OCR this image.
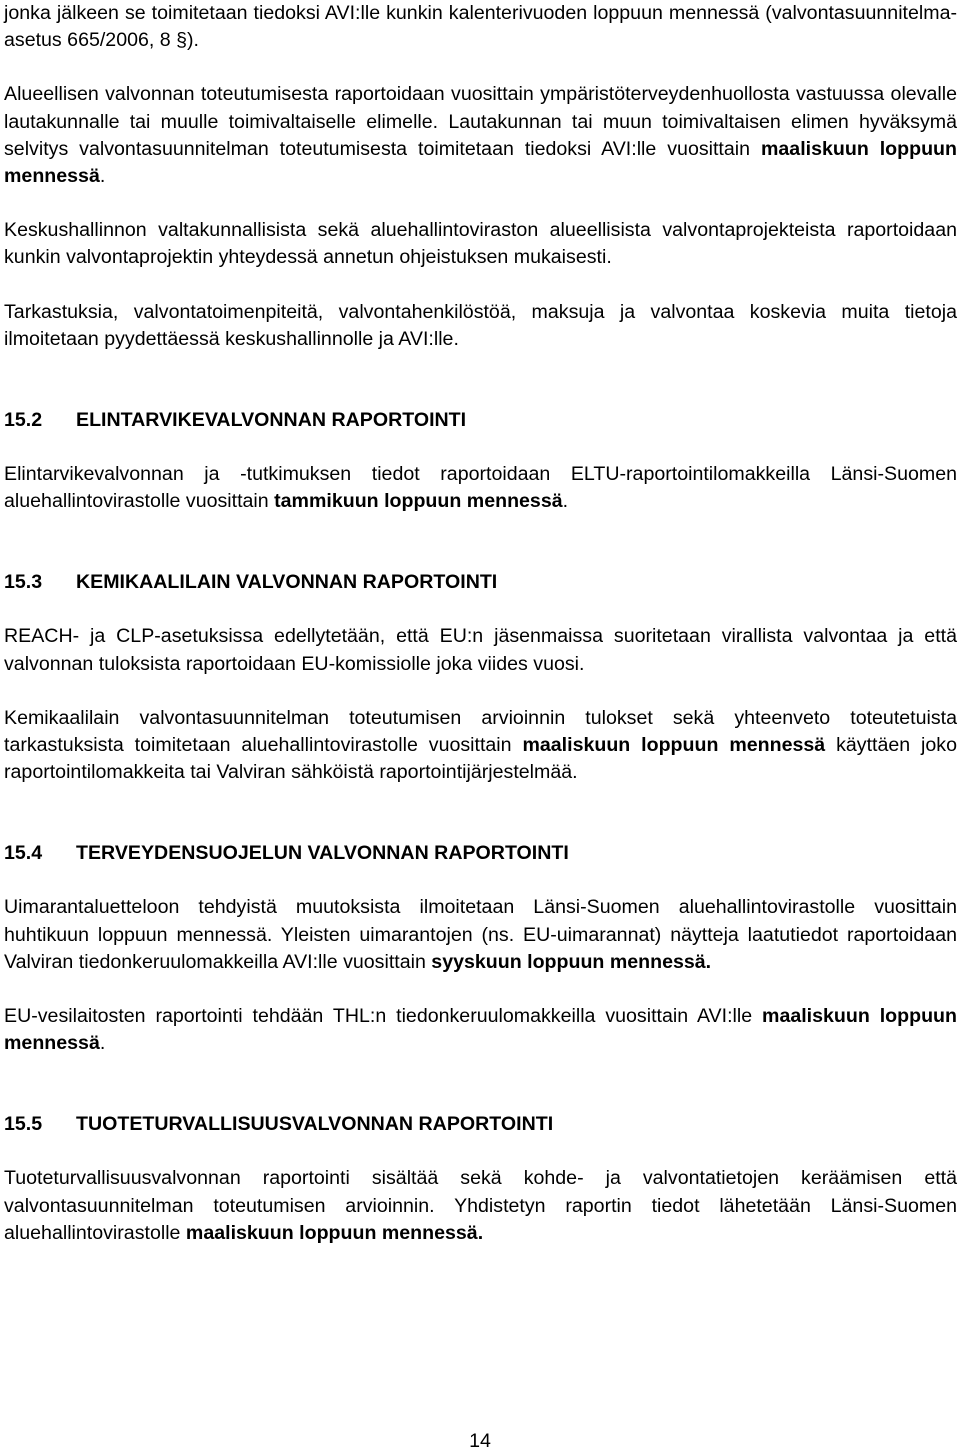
jonka jälkeen se toimitetaan tiedoksi AVI:lle kunkin kalenterivuoden loppuun mennessä (valvontasuunnitelma-asetus 665/2006, 8 §).

Alueellisen valvonnan toteutumisesta raportoidaan vuosittain ympäristöterveydenhuollosta vastuussa olevalle lautakunnalle tai muulle toimivaltaiselle elimelle. Lautakunnan tai muun toimivaltaisen elimen hyväksymä selvitys valvontasuunnitelman toteutumisesta toimitetaan tiedoksi AVI:lle vuosittain maaliskuun loppuun mennessä.

Keskushallinnon valtakunnallisista sekä aluehallintoviraston alueellisista valvontaprojekteista raportoidaan kunkin valvontaprojektin yhteydessä annetun ohjeistuksen mukaisesti.

Tarkastuksia, valvontatoimenpiteitä, valvontahenkilöstöä, maksuja ja valvontaa koskevia muita tietoja ilmoitetaan pyydettäessä keskushallinnolle ja AVI:lle.

15.2 ELINTARVIKEVALVONNAN RAPORTOINTI

Elintarvikevalvonnan ja -tutkimuksen tiedot raportoidaan ELTU-raportointilomakkeilla Länsi-Suomen aluehallintovirastolle vuosittain tammikuun loppuun mennessä.

15.3 KEMIKAALILAIN VALVONNAN RAPORTOINTI

REACH- ja CLP-asetuksissa edellytetään, että EU:n jäsenmaissa suoritetaan virallista valvontaa ja että valvonnan tuloksista raportoidaan EU-komissiolle joka viides vuosi.

Kemikaalilain valvontasuunnitelman toteutumisen arvioinnin tulokset sekä yhteenveto toteutetuista tarkastuksista toimitetaan aluehallintovirastolle vuosittain maaliskuun loppuun mennessä käyttäen joko raportointilomakkeita tai Valviran sähköistä raportointijärjestelmää.

15.4 TERVEYDENSUOJELUN VALVONNAN RAPORTOINTI

Uimarantaluetteloon tehdyistä muutoksista ilmoitetaan Länsi-Suomen aluehallintovirastolle vuosittain huhtikuun loppuun mennessä. Yleisten uimarantojen (ns. EU-uimarannat) näytteja laatutiedot raportoidaan Valviran tiedonkeruulomakkeilla AVI:lle vuosittain syyskuun loppuun mennessä.

EU-vesilaitosten raportointi tehdään THL:n tiedonkeruulomakkeilla vuosittain AVI:lle maaliskuun loppuun mennessä.

15.5 TUOTETURVALLISUUSVALVONNAN RAPORTOINTI

Tuoteturvallisuusvalvonnan raportointi sisältää sekä kohde- ja valvontatietojen keräämisen että valvontasuunnitelman toteutumisen arvioinnin. Yhdistetyn raportin tiedot lähetetään Länsi-Suomen aluehallintovirastolle maaliskuun loppuun mennessä.

14
